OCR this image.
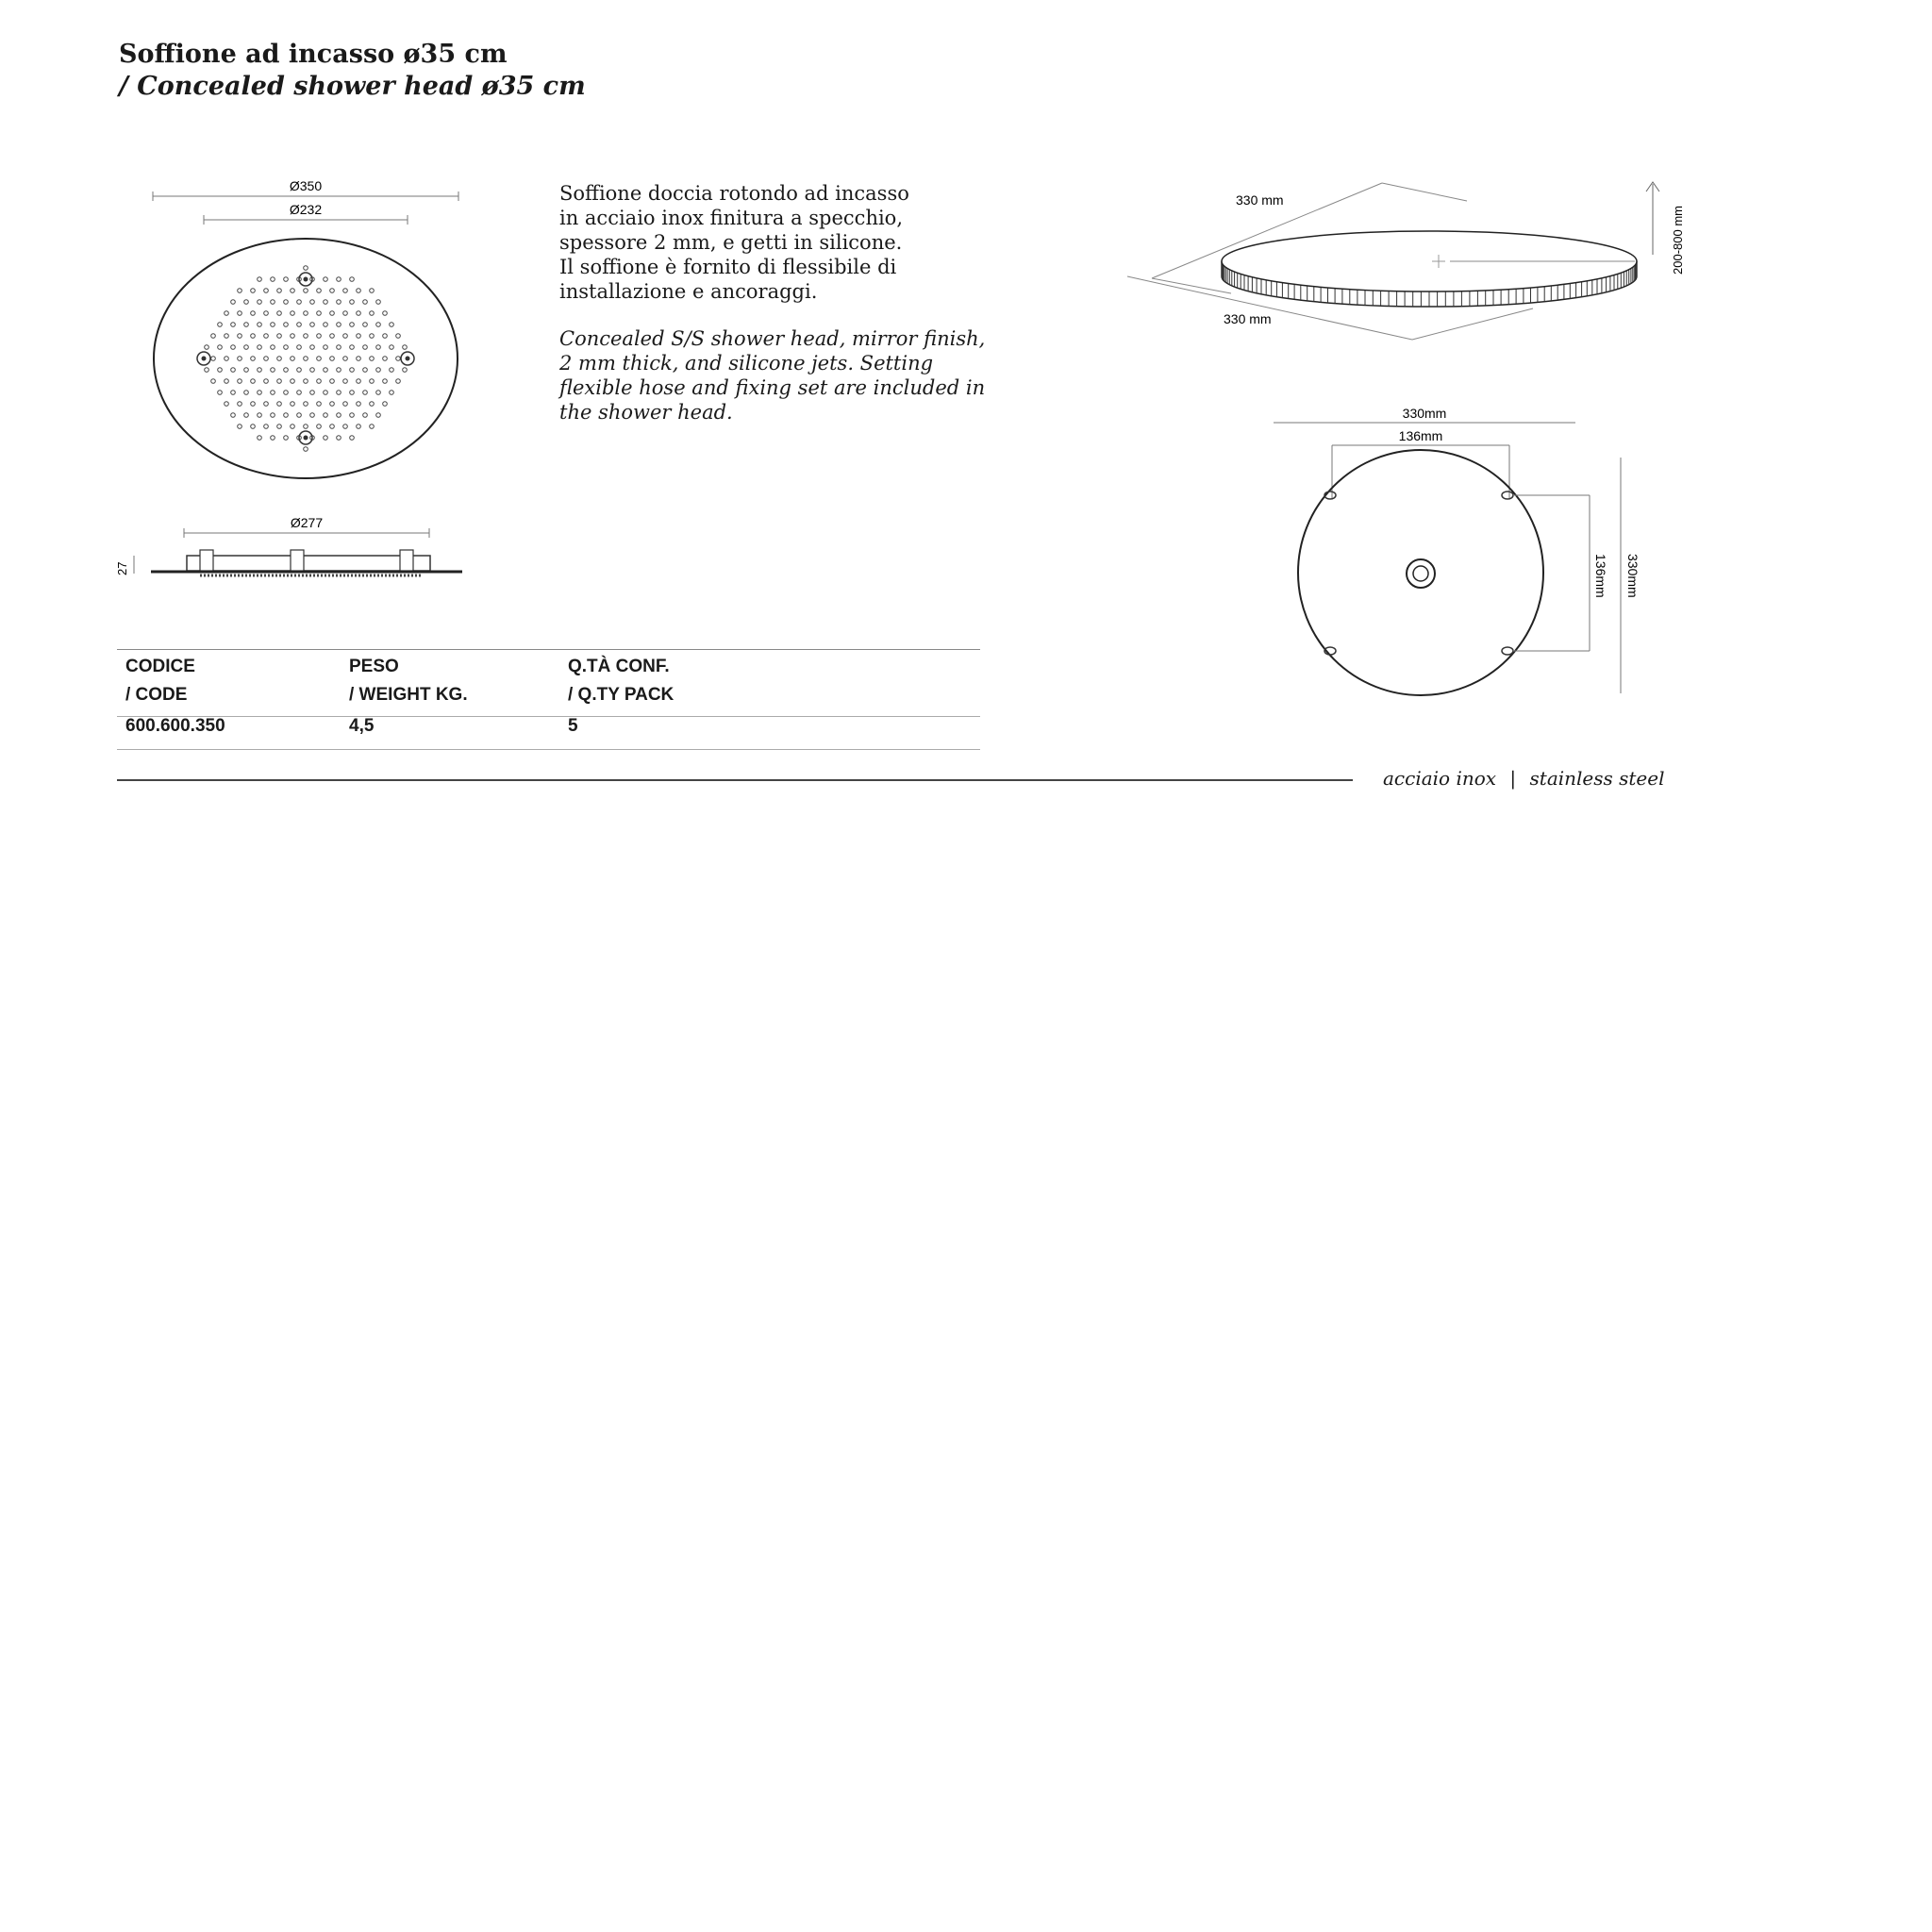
Soffione ad incasso ø35 cm
/ Concealed shower head ø35 cm
Ø350
Ø232
Ø277
27

Soffione doccia rotondo ad incasso

in acciaio inox finitura a specchio,

spessore 2 mm, e getti in silicone.

Il soffione è fornito di flessibile di

installazione e ancoraggi.

Concealed S/S shower head, mirror finish,

2 mm thick, and silicone jets. Setting

flexible hose and fixing set are included in

the shower head.

330 mm
330 mm
200-800 mm
330mm
136mm
136mm 330mm
CODICE	PESO	Q.TÀ CONF.
/ CODE	/ WEIGHT KG.	/ Q.TY PACK
600.600.350	4,5	5
acciaio inox | stainless steel
